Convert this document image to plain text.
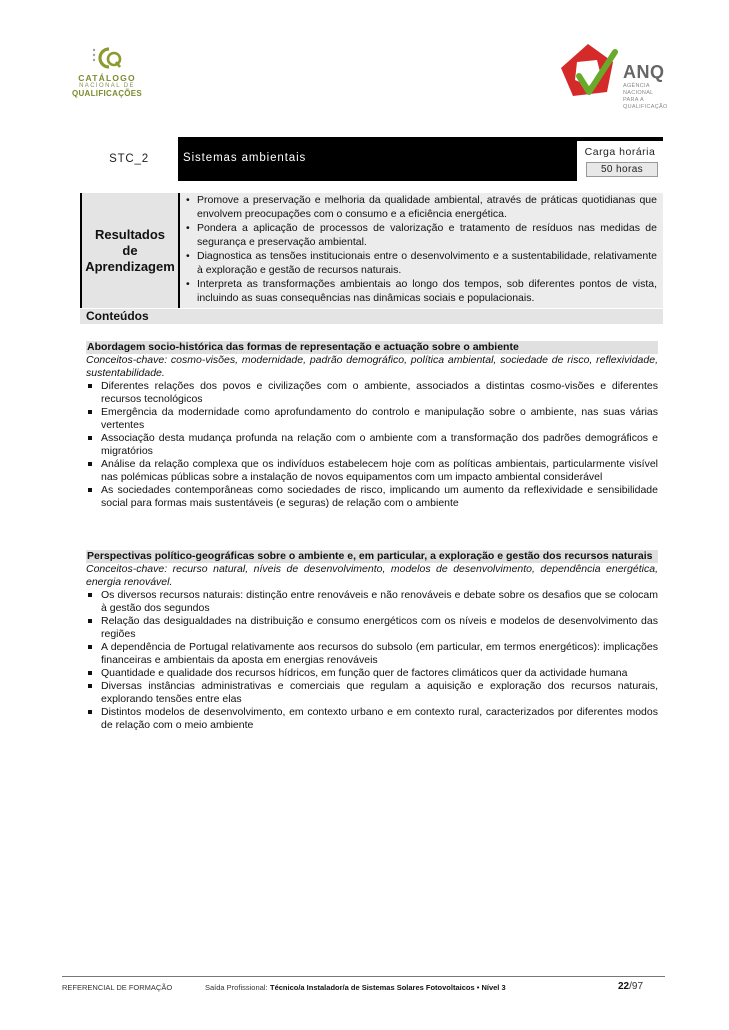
CATÁLOGO
NACIONAL DE
QUALIFICAÇÕES
ANQ
AGÊNCIA NACIONAL
PARA A QUALIFICAÇÃO
STC_2	Sistemas ambientais	Carga horária
50 horas
Resultados
de
Aprendizagem
• Promove a preservação e melhoria da qualidade ambiental, através de práticas quotidianas que envolvem preocupações com o consumo e a eficiência energética.
• Pondera a aplicação de processos de valorização e tratamento de resíduos nas medidas de segurança e preservação ambiental.
• Diagnostica as tensões institucionais entre o desenvolvimento e a sustentabilidade, relativamente à exploração e gestão de recursos naturais.
• Interpreta as transformações ambientais ao longo dos tempos, sob diferentes pontos de vista, incluindo as suas consequências nas dinâmicas sociais e populacionais.
Conteúdos
Abordagem socio-histórica das formas de representação e actuação sobre o ambiente
Conceitos-chave: cosmo-visões, modernidade, padrão demográfico, política ambiental, sociedade de risco, reflexividade, sustentabilidade.
Diferentes relações dos povos e civilizações com o ambiente, associados a distintas cosmo-visões e diferentes recursos tecnológicos
Emergência da modernidade como aprofundamento do controlo e manipulação sobre o ambiente, nas suas várias vertentes
Associação desta mudança profunda na relação com o ambiente com a transformação dos padrões demográficos e migratórios
Análise da relação complexa que os indivíduos estabelecem hoje com as políticas ambientais, particularmente visível nas polémicas públicas sobre a instalação de novos equipamentos com um impacto ambiental considerável
As sociedades contemporâneas como sociedades de risco, implicando um aumento da reflexividade e sensibilidade social para formas mais sustentáveis (e seguras) de relação com o ambiente
Perspectivas político-geográficas sobre o ambiente e, em particular, a exploração e gestão dos recursos naturais
Conceitos-chave: recurso natural, níveis de desenvolvimento, modelos de desenvolvimento, dependência energética, energia renovável.
Os diversos recursos naturais: distinção entre renováveis e não renováveis e debate sobre os desafios que se colocam à gestão dos segundos
Relação das desigualdades na distribuição e consumo energéticos com os níveis e modelos de desenvolvimento das regiões
A dependência de Portugal relativamente aos recursos do subsolo (em particular, em termos energéticos): implicações financeiras e ambientais da aposta em energias renováveis
Quantidade e qualidade dos recursos hídricos, em função quer de factores climáticos quer da actividade humana
Diversas instâncias administrativas e comerciais que regulam a aquisição e exploração dos recursos naturais, explorando tensões entre elas
Distintos modelos de desenvolvimento, em contexto urbano e em contexto rural, caracterizados por diferentes modos de relação com o meio ambiente
REFERENCIAL DE FORMAÇÃO	Saída Profissional: Técnico/a Instalador/a de Sistemas Solares Fotovoltaicos • Nível 3	22/97
